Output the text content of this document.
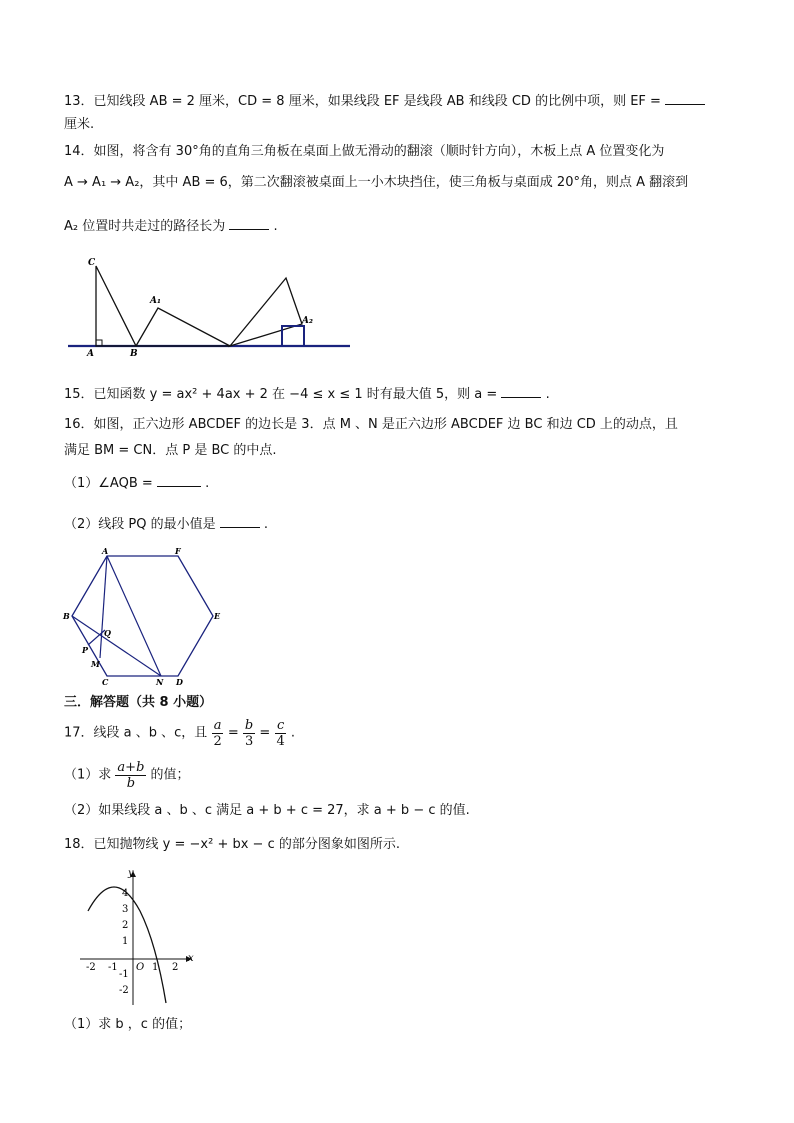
13．已知线段 AB = 2 厘米，CD = 8 厘米，如果线段 EF 是线段 AB 和线段 CD 的比例中项，则 EF =
厘米.
14．如图，将含有 30°角的直角三角板在桌面上做无滑动的翻滚（顺时针方向），木板上点 A 位置变化为
A → A₁ → A₂，其中 AB = 6，第二次翻滚被桌面上一小木块挡住，使三角板与桌面成 20°角，则点 A 翻滚到
A₂ 位置时共走过的路径长为	.
C
A₁
A₂
A	B
15．已知函数 y = ax² + 4ax + 2 在 −4 ≤ x ≤ 1 时有最大值 5，则 a =	.
16．如图，正六边形 ABCDEF 的边长是 3．点 M 、N 是正六边形 ABCDEF 边 BC 和边 CD 上的动点，且
满足 BM = CN．点 P 是 BC 的中点.
（1）∠AQB =	.
（2）线段 PQ 的最小值是	.
A	F
B	E
Q
P
M
C	N D
三．解答题（共 8 小题）
17．线段 a 、b 、c，且 $\frac{a}{2} = \frac{b}{3} = \frac{c}{4}$ .
（1）求 $\frac{a+b}{b}$ 的值；
（2）如果线段 a 、b 、c 满足 a + b + c = 27，求 a + b − c 的值.
18．已知抛物线 y = −x² + bx − c 的部分图象如图所示.
y
x
O
-2 -1	1 2
4
3
2
1
-1
-2
（1）求 b ，c 的值；
